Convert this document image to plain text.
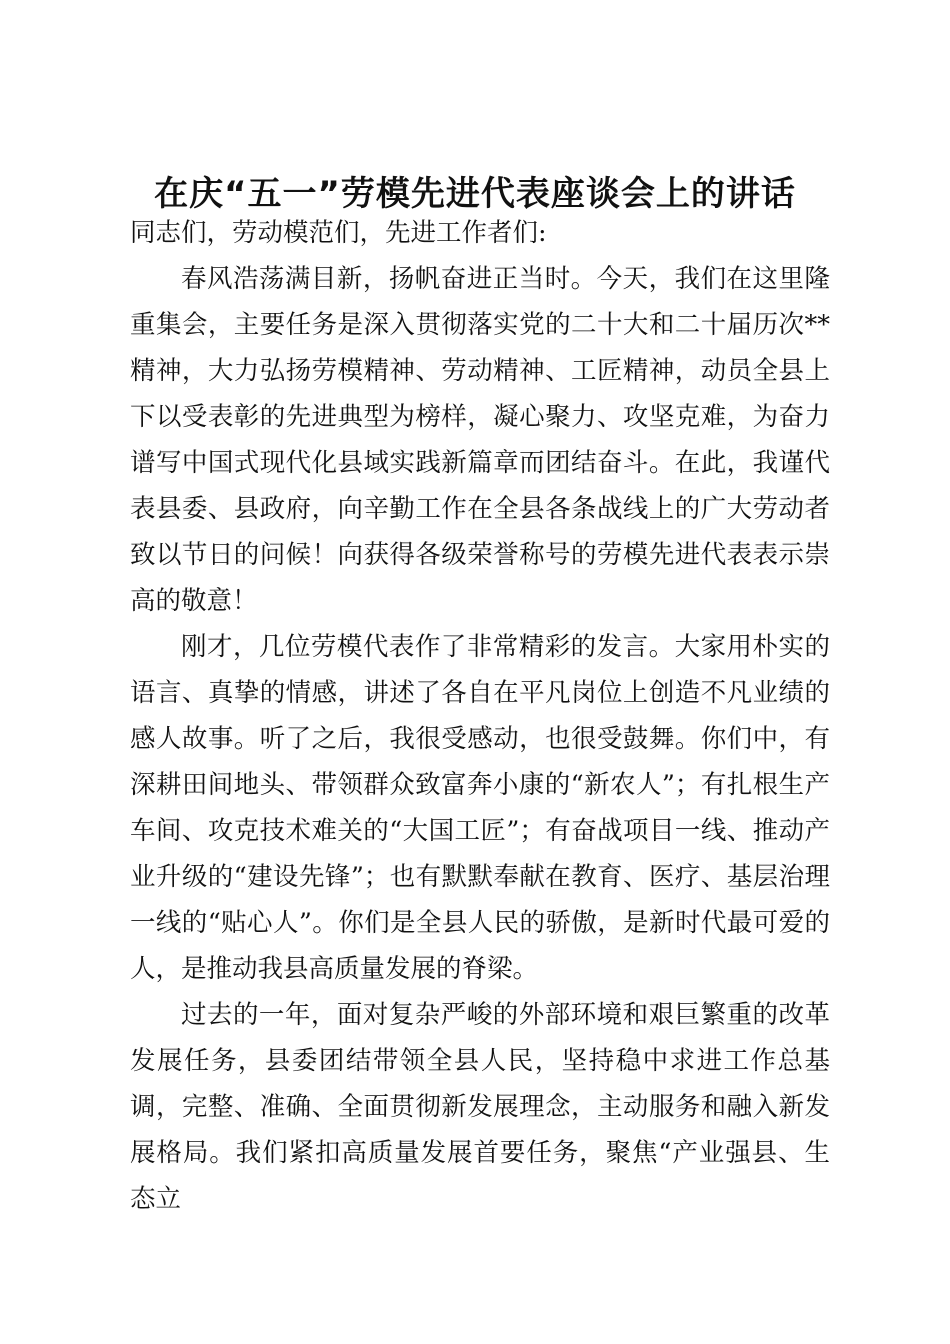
在庆“五一”劳模先进代表座谈会上的讲话

同志们，劳动模范们，先进工作者们:

春风浩荡满目新，扬帆奋进正当时。今天，我们在这里隆重集会，主要任务是深入贯彻落实党的二十大和二十届历次**精神，大力弘扬劳模精神、劳动精神、工匠精神，动员全县上下以受表彰的先进典型为榜样，凝心聚力、攻坚克难，为奋力谱写中国式现代化县域实践新篇章而团结奋斗。在此，我谨代表县委、县政府，向辛勤工作在全县各条战线上的广大劳动者致以节日的问候！向获得各级荣誉称号的劳模先进代表表示崇高的敬意！

刚才，几位劳模代表作了非常精彩的发言。大家用朴实的语言、真挚的情感，讲述了各自在平凡岗位上创造不凡业绩的感人故事。听了之后，我很受感动，也很受鼓舞。你们中，有深耕田间地头、带领群众致富奔小康的“新农人”；有扎根生产车间、攻克技术难关的“大国工匠”；有奋战项目一线、推动产业升级的“建设先锋”；也有默默奉献在教育、医疗、基层治理一线的“贴心人”。你们是全县人民的骄傲，是新时代最可爱的人，是推动我县高质量发展的脊梁。

过去的一年，面对复杂严峻的外部环境和艰巨繁重的改革发展任务，县委团结带领全县人民，坚持稳中求进工作总基调，完整、准确、全面贯彻新发展理念，主动服务和融入新发展格局。我们紧扣高质量发展首要任务，聚焦“产业强县、生态立
